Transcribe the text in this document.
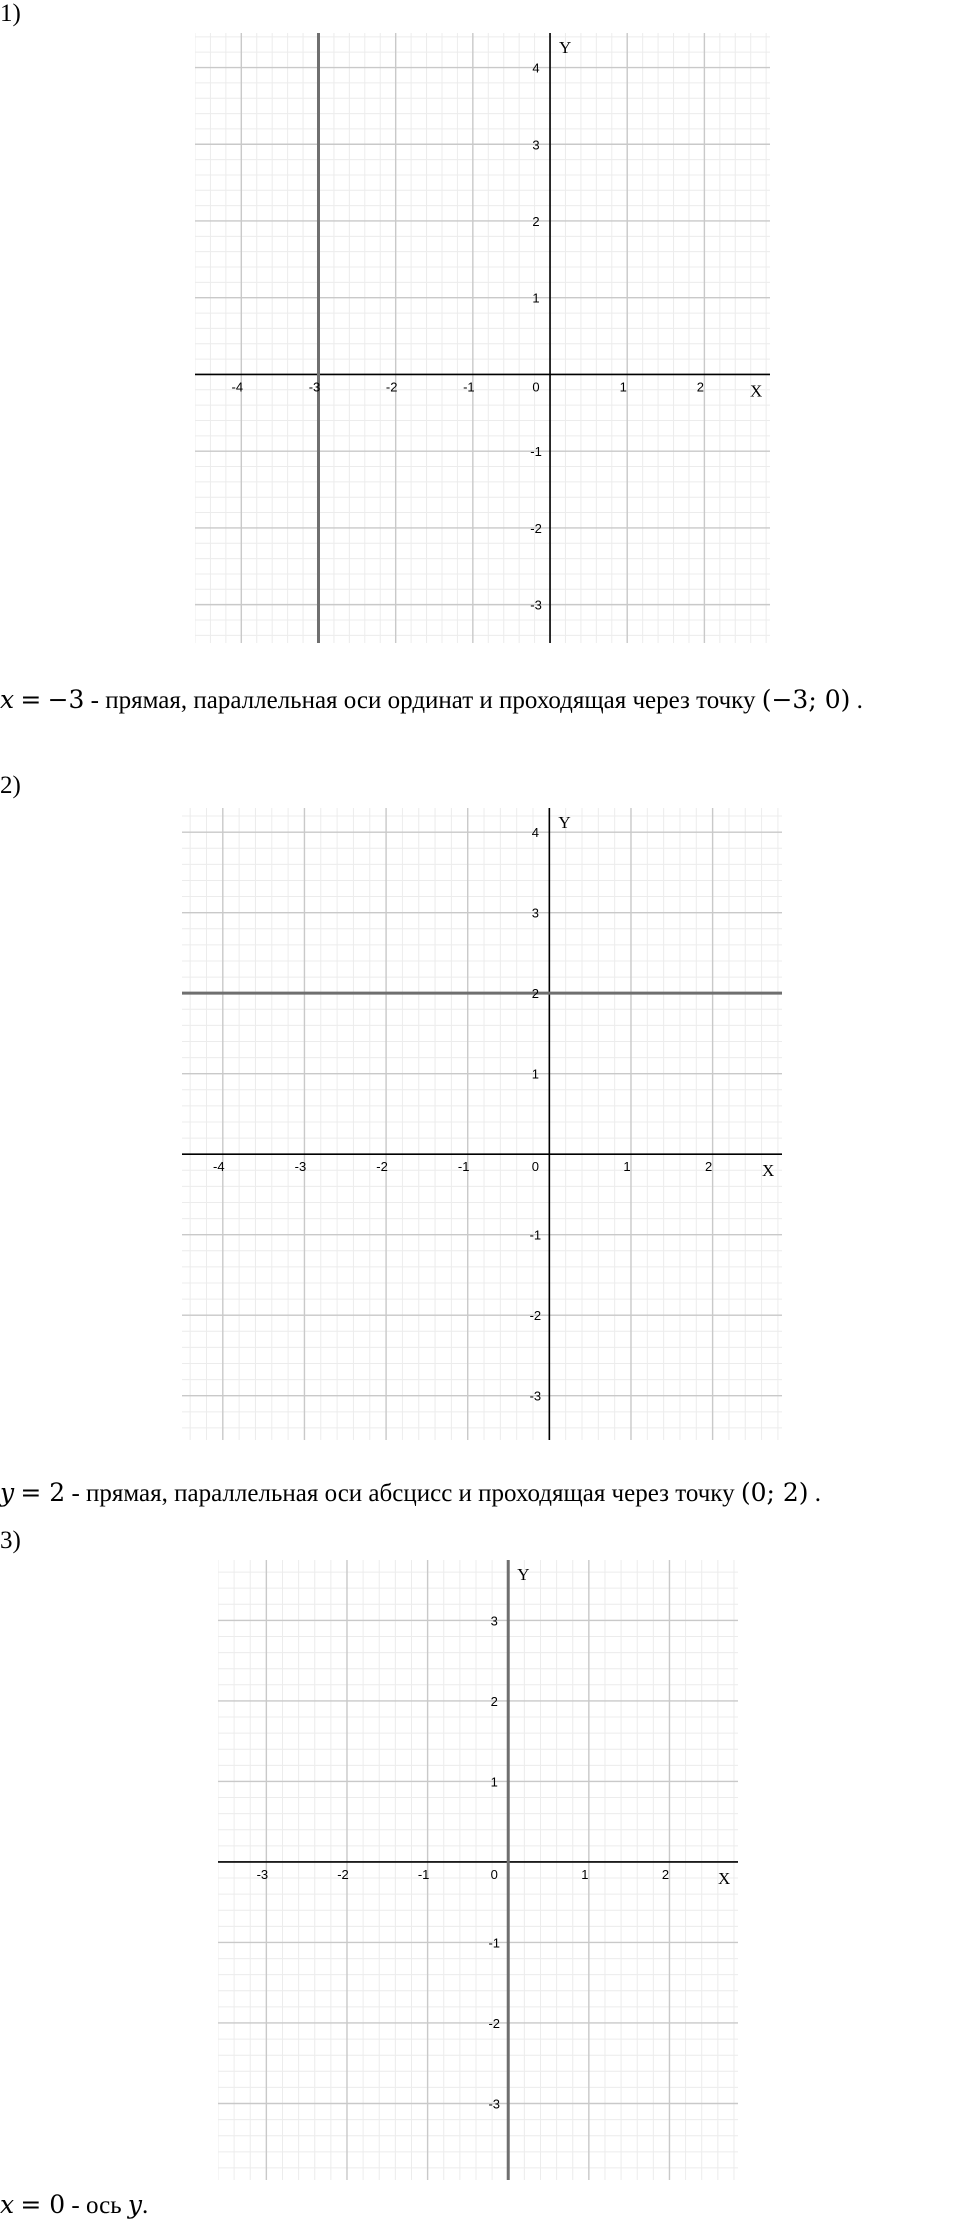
1)
-4	-3	-2	-1	1	2
-3
-2
-1
1
2
3
4
0	X
Y
x = −3 - прямая, параллельная оси ординат и проходящая через точку (−3; 0) .
2)
-4	-3	-2	-1	1	2
-3
-2
-1
1
2
3
4
0	X
Y
y = 2 - прямая, параллельная оси абсцисс и проходящая через точку (0; 2) .
3)
-3	-2	-1	1	2
-3
-2
-1
1
2
3
0	X
Y
x = 0 - ось y.
